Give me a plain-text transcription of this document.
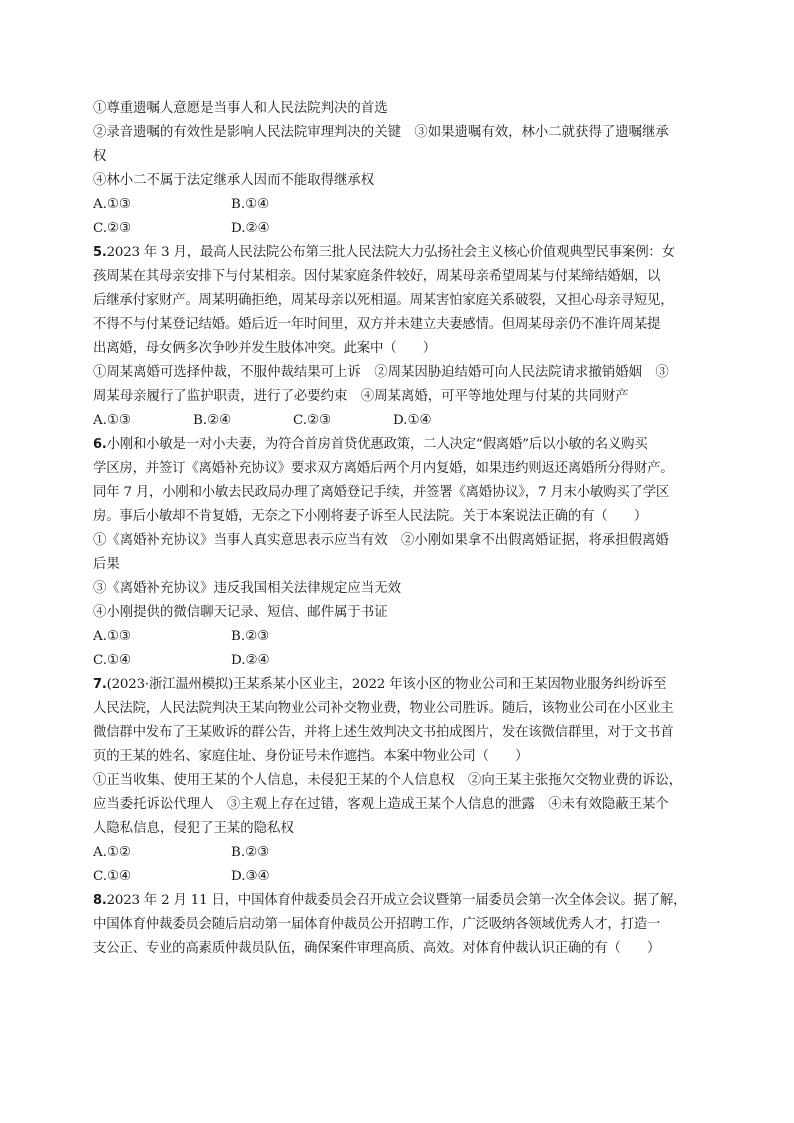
①尊重遗嘱人意愿是当事人和人民法院判决的首选
②录音遗嘱的有效性是影响人民法院审理判决的关键　③如果遗嘱有效，林小二就获得了遗嘱继承
权
④林小二不属于法定继承人因而不能取得继承权
A.①③	B.①④
C.②③	D.②④
5.2023 年 3 月，最高人民法院公布第三批人民法院大力弘扬社会主义核心价值观典型民事案例：女
孩周某在其母亲安排下与付某相亲。因付某家庭条件较好，周某母亲希望周某与付某缔结婚姻，以
后继承付家财产。周某明确拒绝，周某母亲以死相逼。周某害怕家庭关系破裂，又担心母亲寻短见，
不得不与付某登记结婚。婚后近一年时间里，双方并未建立夫妻感情。但周某母亲仍不准许周某提
出离婚，母女俩多次争吵并发生肢体冲突。此案中（　　）
①周某离婚可选择仲裁，不服仲裁结果可上诉　②周某因胁迫结婚可向人民法院请求撤销婚姻　③
周某母亲履行了监护职责，进行了必要约束　④周某离婚，可平等地处理与付某的共同财产
A.①③	B.②④	C.②③	D.①④
6.小刚和小敏是一对小夫妻，为符合首房首贷优惠政策，二人决定“假离婚”后以小敏的名义购买
学区房，并签订《离婚补充协议》要求双方离婚后两个月内复婚，如果违约则返还离婚所分得财产。
同年 7 月，小刚和小敏去民政局办理了离婚登记手续，并签署《离婚协议》，7 月末小敏购买了学区
房。事后小敏却不肯复婚，无奈之下小刚将妻子诉至人民法院。关于本案说法正确的有（　　）
①《离婚补充协议》当事人真实意思表示应当有效　②小刚如果拿不出假离婚证据，将承担假离婚
后果
③《离婚补充协议》违反我国相关法律规定应当无效
④小刚提供的微信聊天记录、短信、邮件属于书证
A.①③	B.②③
C.①④	D.②④
7.(2023·浙江温州模拟)王某系某小区业主，2022 年该小区的物业公司和王某因物业服务纠纷诉至
人民法院，人民法院判决王某向物业公司补交物业费，物业公司胜诉。随后，该物业公司在小区业主
微信群中发布了王某败诉的群公告，并将上述生效判决文书拍成图片，发在该微信群里，对于文书首
页的王某的姓名、家庭住址、身份证号未作遮挡。本案中物业公司（　　）
①正当收集、使用王某的个人信息，未侵犯王某的个人信息权　②向王某主张拖欠交物业费的诉讼，
应当委托诉讼代理人　③主观上存在过错，客观上造成王某个人信息的泄露　④未有效隐蔽王某个
人隐私信息，侵犯了王某的隐私权
A.①②	B.②③
C.①④	D.③④
8.2023 年 2 月 11 日，中国体育仲裁委员会召开成立会议暨第一届委员会第一次全体会议。据了解，
中国体育仲裁委员会随后启动第一届体育仲裁员公开招聘工作，广泛吸纳各领域优秀人才，打造一
支公正、专业的高素质仲裁员队伍，确保案件审理高质、高效。对体育仲裁认识正确的有（　　）
